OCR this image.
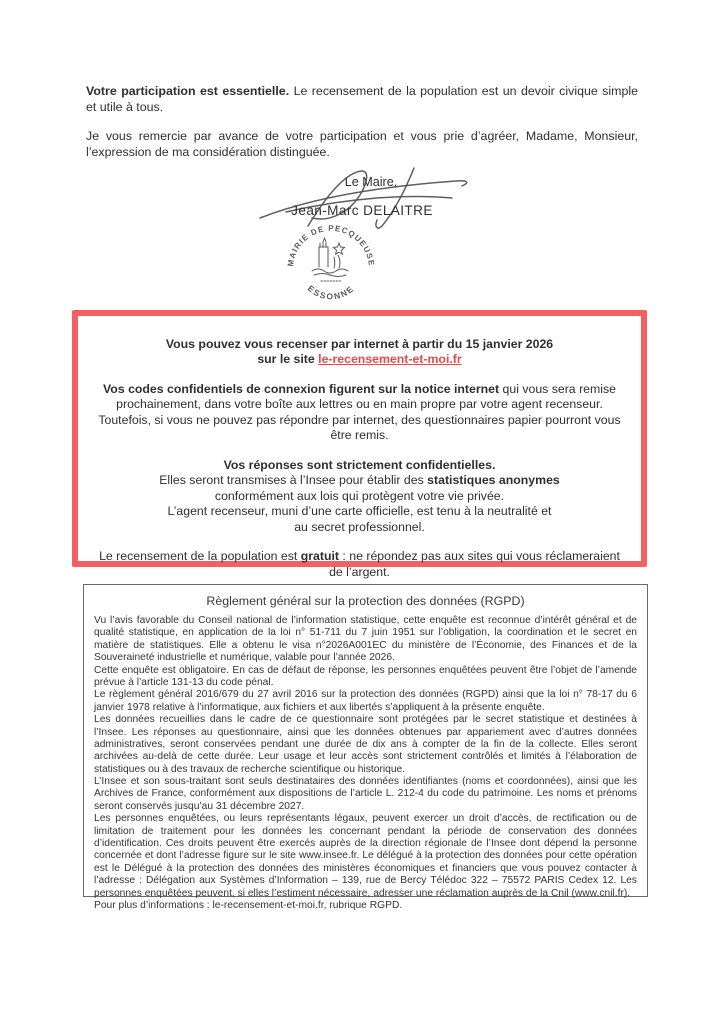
Votre participation est essentielle. Le recensement de la population est un devoir civique simple et utile à tous.

Je vous remercie par avance de votre participation et vous prie d’agréer, Madame, Monsieur, l’expression de ma considération distinguée.

Le Maire,
Jean-Marc DELAITRE
MAIRIE DE PECQUEUSE
ESSONNE
Vous pouvez vous recenser par internet à partir du 15 janvier 2026
sur le site le-recensement-et-moi.fr
Vos codes confidentiels de connexion figurent sur la notice internet qui vous sera remise prochainement, dans votre boîte aux lettres ou en main propre par votre agent recenseur. Toutefois, si vous ne pouvez pas répondre par internet, des questionnaires papier pourront vous être remis.
Vos réponses sont strictement confidentielles.
Elles seront transmises à l’Insee pour établir des statistiques anonymes
conformément aux lois qui protègent votre vie privée.
L’agent recenseur, muni d’une carte officielle, est tenu à la neutralité et
au secret professionnel.
Le recensement de la population est gratuit : ne répondez pas aux sites qui vous réclameraient de l’argent.
Règlement général sur la protection des données (RGPD)

Vu l’avis favorable du Conseil national de l’information statistique, cette enquête est reconnue d’intérêt général et de qualité statistique, en application de la loi n° 51-711 du 7 juin 1951 sur l’obligation, la coordination et le secret en matière de statistiques. Elle a obtenu le visa n°2026A001EC du ministère de l’Économie, des Finances et de la Souveraineté industrielle et numérique, valable pour l’année 2026.

Cette enquête est obligatoire. En cas de défaut de réponse, les personnes enquêtées peuvent être l’objet de l’amende prévue à l’article 131-13 du code pénal.

Le règlement général 2016/679 du 27 avril 2016 sur la protection des données (RGPD) ainsi que la loi n° 78-17 du 6 janvier 1978 relative à l’informatique, aux fichiers et aux libertés s’appliquent à la présente enquête.

Les données recueillies dans le cadre de ce questionnaire sont protégées par le secret statistique et destinées à l’Insee. Les réponses au questionnaire, ainsi que les données obtenues par appariement avec d’autres données administratives, seront conservées pendant une durée de dix ans à compter de la fin de la collecte. Elles seront archivées au-delà de cette durée. Leur usage et leur accès sont strictement contrôlés et limités à l’élaboration de statistiques ou à des travaux de recherche scientifique ou historique.

L’Insee et son sous-traitant sont seuls destinataires des données identifiantes (noms et coordonnées), ainsi que les Archives de France, conformément aux dispositions de l’article L. 212-4 du code du patrimoine. Les noms et prénoms seront conservés jusqu’au 31 décembre 2027.

Les personnes enquêtées, ou leurs représentants légaux, peuvent exercer un droit d’accès, de rectification ou de limitation de traitement pour les données les concernant pendant la période de conservation des données d’identification. Ces droits peuvent être exercés auprès de la direction régionale de l’Insee dont dépend la personne concernée et dont l’adresse figure sur le site www.insee.fr. Le délégué à la protection des données pour cette opération est le Délégué à la protection des données des ministères économiques et financiers que vous pouvez contacter à l’adresse : Délégation aux Systèmes d’Information – 139, rue de Bercy Télédoc 322 – 75572 PARIS Cedex 12. Les personnes enquêtées peuvent, si elles l’estiment nécessaire, adresser une réclamation auprès de la Cnil (www.cnil.fr).

Pour plus d’informations : le-recensement-et-moi.fr, rubrique RGPD.
